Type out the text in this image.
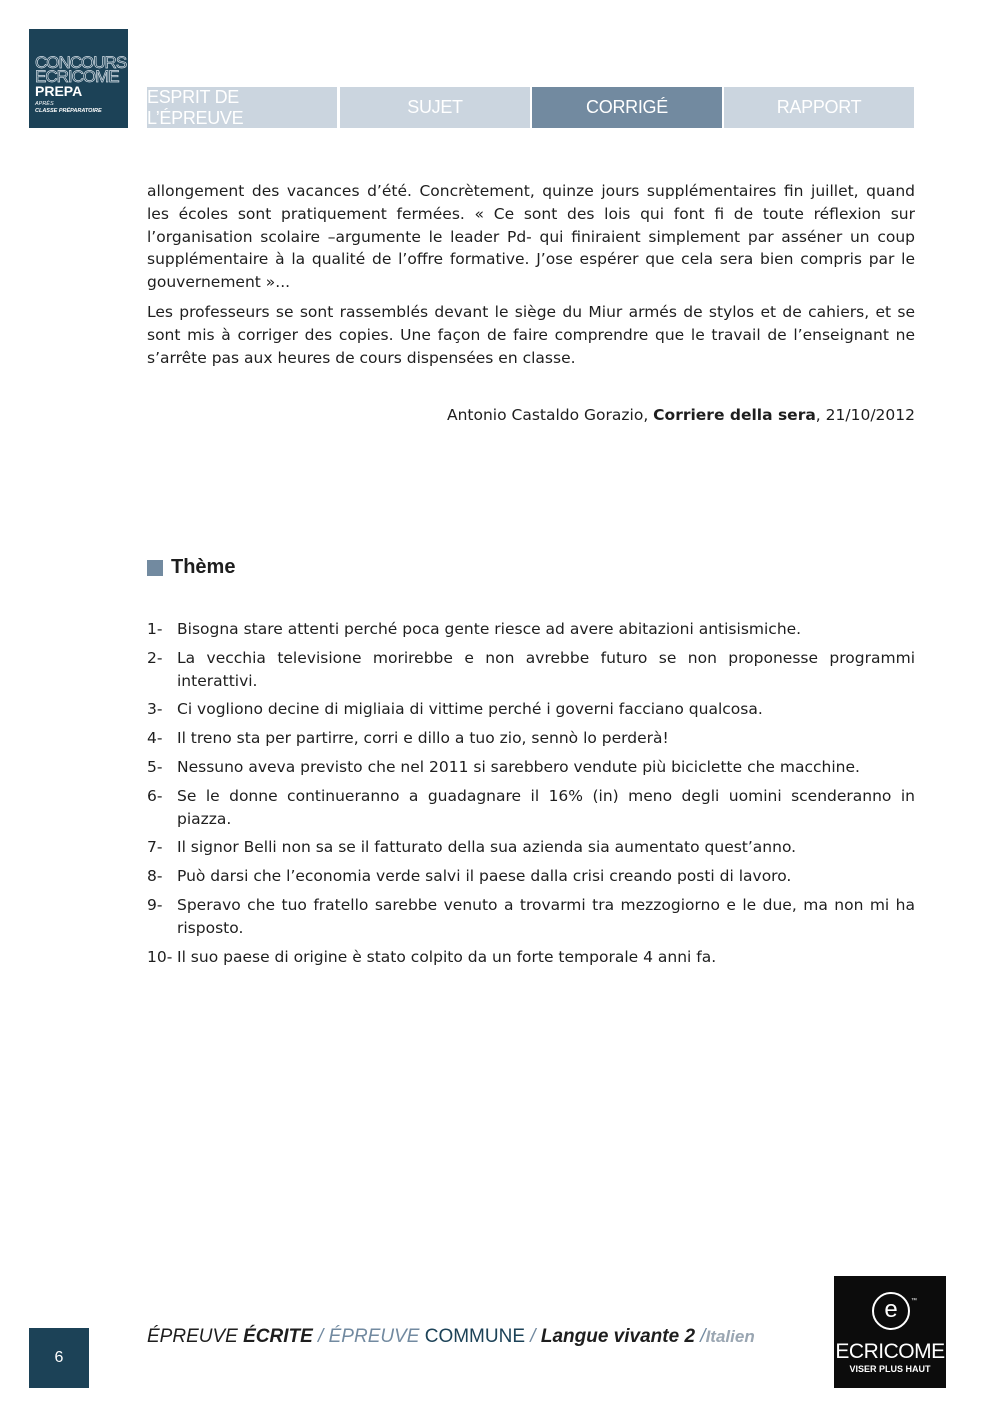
CONCOURS
ECRICOME
PREPA
APRÈS
CLASSE PRÉPARATOIRE
ESPRIT DE L’ÉPREUVE
SUJET	CORRIGÉ	RAPPORT

allongement des vacances d’été. Concrètement, quinze jours supplémentaires fin juillet, quand les écoles sont pratiquement fermées. « Ce sont des lois qui font fi de toute réflexion sur l’organisation scolaire –argumente le leader Pd- qui finiraient simplement par asséner un coup supplémentaire à la qualité de l’offre formative. J’ose espérer que cela sera bien compris par le gouvernement »...

Les professeurs se sont rassemblés devant le siège du Miur armés de stylos et de cahiers, et se sont mis à corriger des copies. Une façon de faire comprendre que le travail de l’enseignant ne s’arrête pas aux heures de cours dispensées en classe.

Antonio Castaldo Gorazio, Corriere della sera, 21/10/2012
Thème
1- Bisogna stare attenti perché poca gente riesce ad avere abitazioni antisismiche.
2- La vecchia televisione morirebbe e non avrebbe futuro se non proponesse programmi interattivi.
3- Ci vogliono decine di migliaia di vittime perché i governi facciano qualcosa.
4- Il treno sta per partirre, corri e dillo a tuo zio, sennò lo perderà!
5- Nessuno aveva previsto che nel 2011 si sarebbero vendute più biciclette che macchine.
6- Se le donne continueranno a guadagnare il 16% (in) meno degli uomini scenderanno in piazza.
7- Il signor Belli non sa se il fatturato della sua azienda sia aumentato quest’anno.
8- Può darsi che l’economia verde salvi il paese dalla crisi creando posti di lavoro.
9- Speravo che tuo fratello sarebbe venuto a trovarmi tra mezzogiorno e le due, ma non mi ha risposto.
10- Il suo paese di origine è stato colpito da un forte temporale 4 anni fa.
6
ÉPREUVE ÉCRITE / ÉPREUVE COMMUNE / Langue vivante 2 /Italien
e	™
ECRICOME
VISER PLUS HAUT
